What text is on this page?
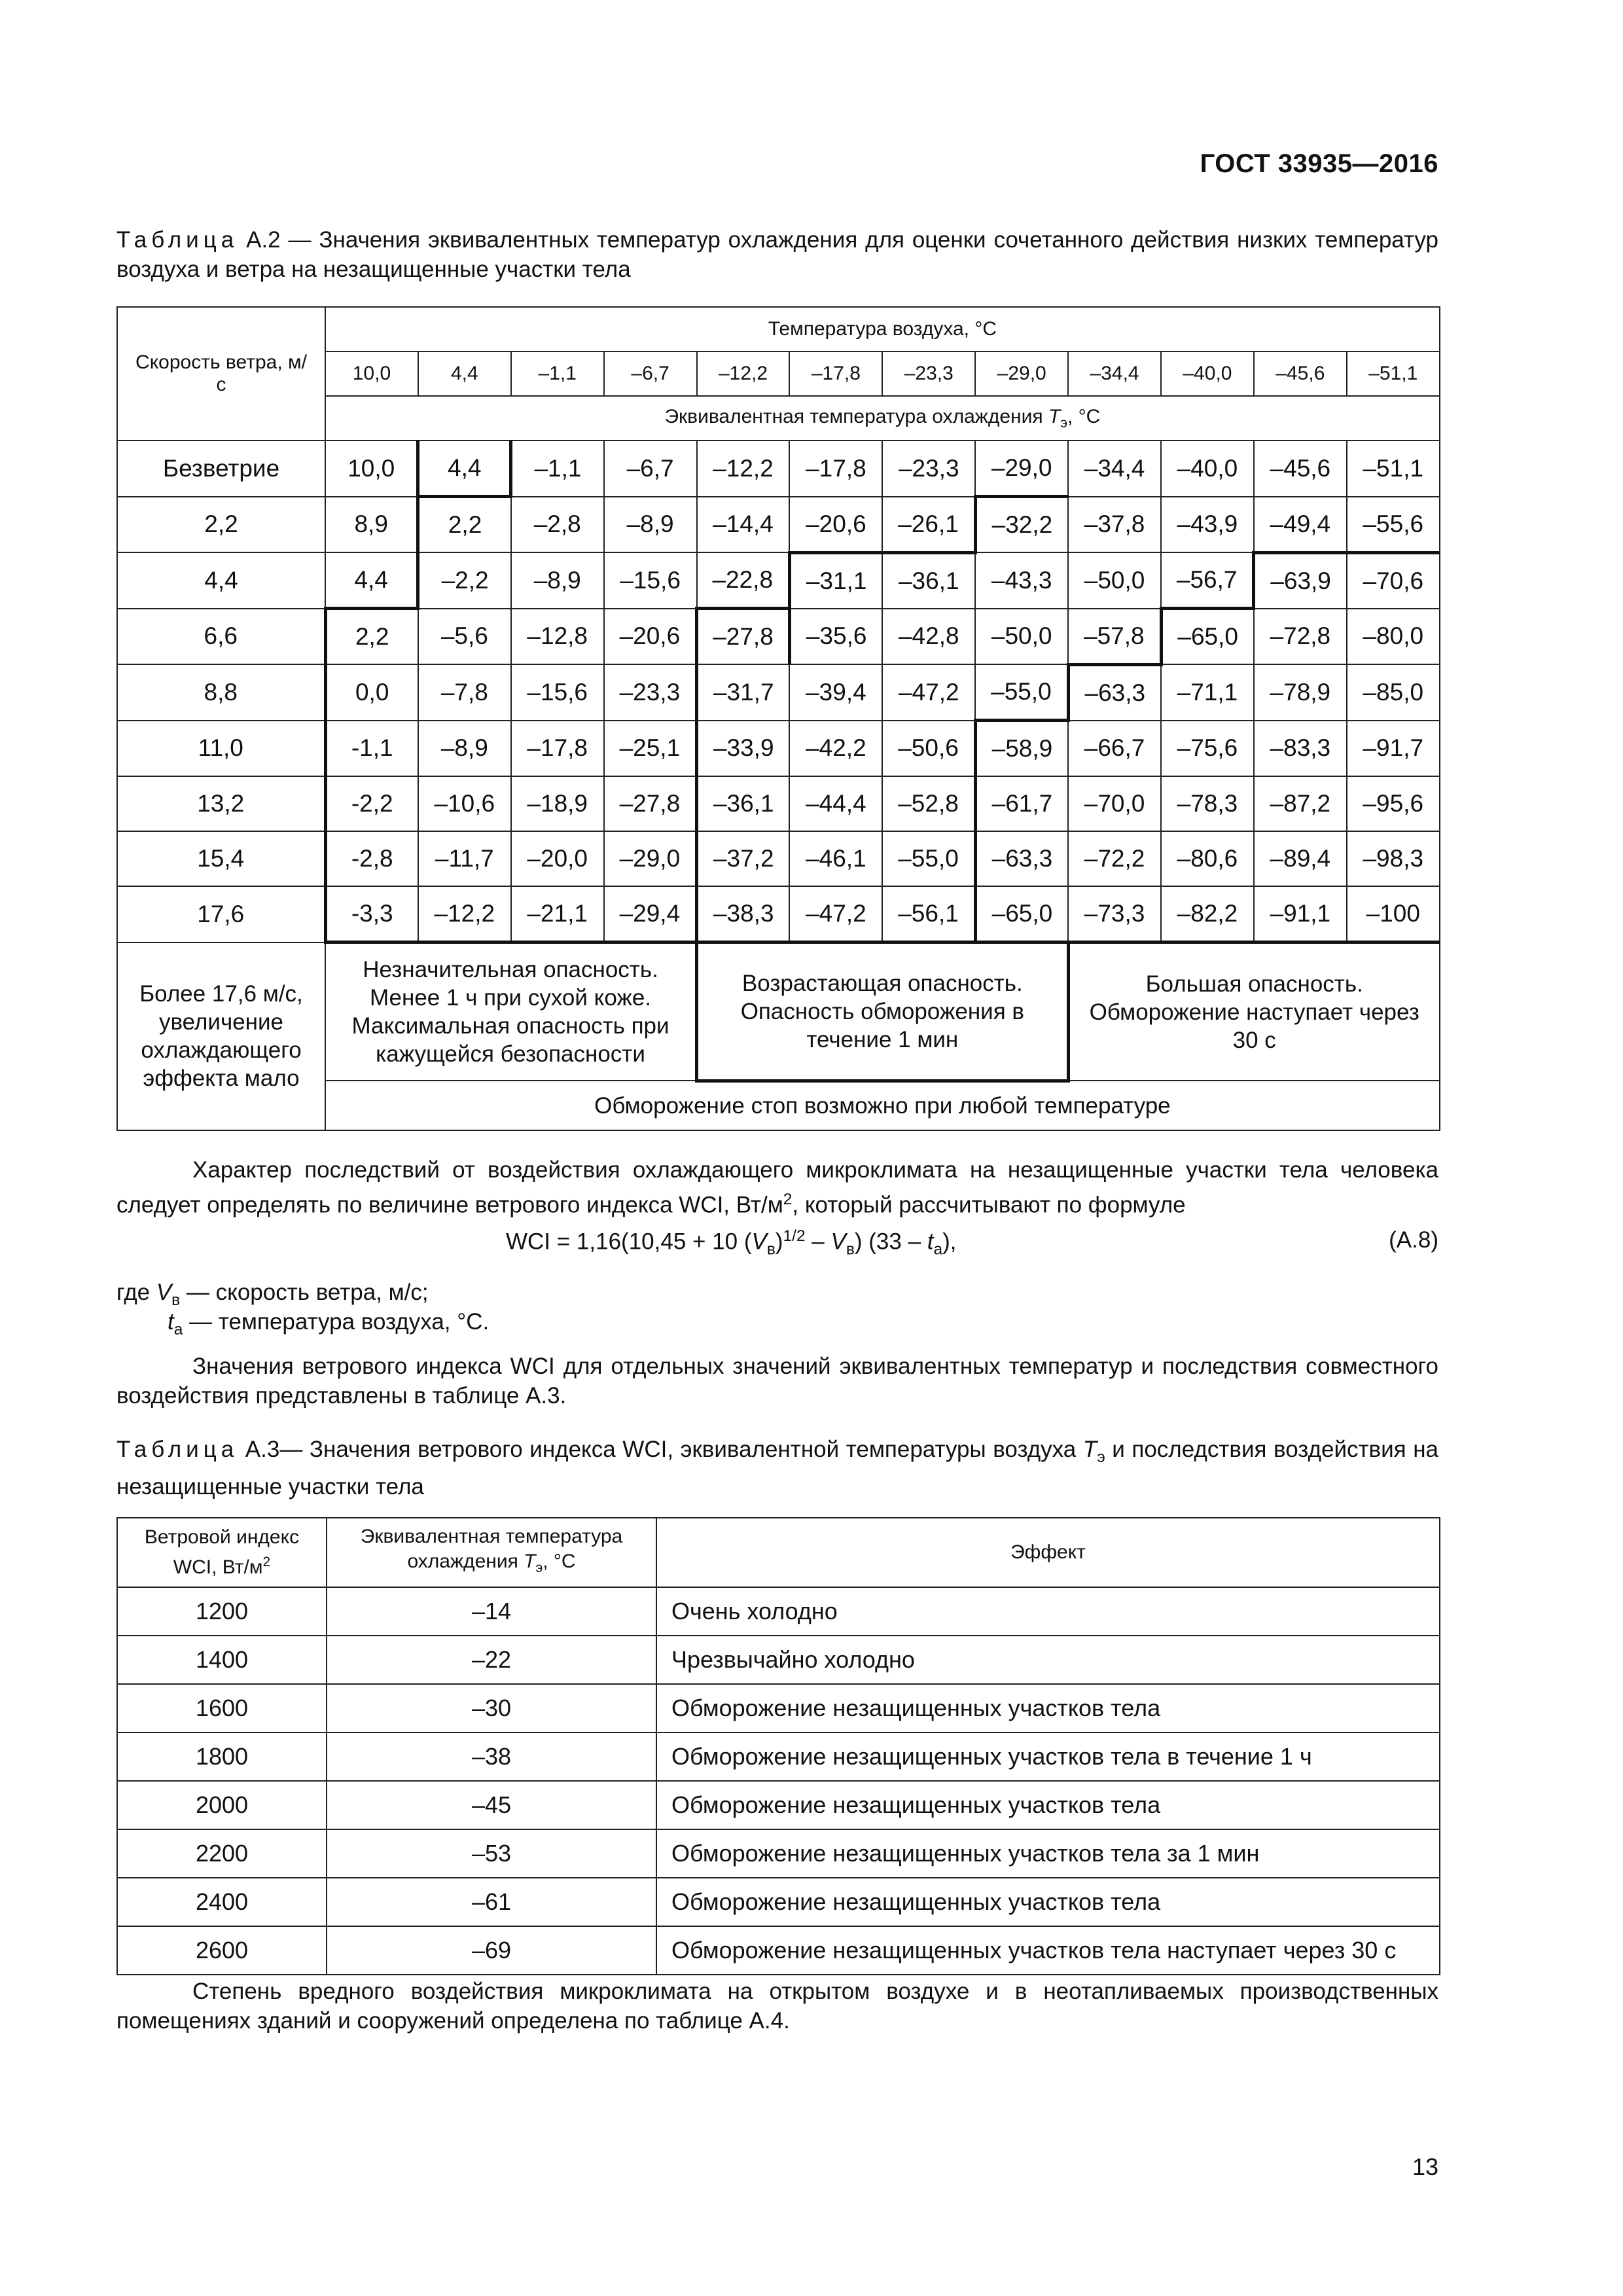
ГОСТ 33935—2016
Таблица А.2 — Значения эквивалентных температур охлаждения для оценки сочетанного действия низких температур воздуха и ветра на незащищенные участки тела
Скорость ветра, м/с	Температура воздуха, °С											
	10,0	4,4	–1,1	–6,7	–12,2	–17,8	–23,3	–29,0	–34,4	–40,0	–45,6	–51,1
	Эквивалентная температура охлаждения $T_э$, °С											
Безветрие	10,0	4,4	–1,1	–6,7	–12,2	–17,8	–23,3	–29,0	–34,4	–40,0	–45,6	–51,1
2,2	8,9	2,2	–2,8	–8,9	–14,4	–20,6	–26,1	–32,2	–37,8	–43,9	–49,4	–55,6
4,4	4,4	–2,2	–8,9	–15,6	–22,8	–31,1	–36,1	–43,3	–50,0	–56,7	–63,9	–70,6
6,6	2,2	–5,6	–12,8	–20,6	–27,8	–35,6	–42,8	–50,0	–57,8	–65,0	–72,8	–80,0
8,8	0,0	–7,8	–15,6	–23,3	–31,7	–39,4	–47,2	–55,0	–63,3	–71,1	–78,9	–85,0
11,0	-1,1	–8,9	–17,8	–25,1	–33,9	–42,2	–50,6	–58,9	–66,7	–75,6	–83,3	–91,7
13,2	-2,2	–10,6	–18,9	–27,8	–36,1	–44,4	–52,8	–61,7	–70,0	–78,3	–87,2	–95,6
15,4	-2,8	–11,7	–20,0	–29,0	–37,2	–46,1	–55,0	–63,3	–72,2	–80,6	–89,4	–98,3
17,6	-3,3	–12,2	–21,1	–29,4	–38,3	–47,2	–56,1	–65,0	–73,3	–82,2	–91,1	–100
Более 17,6 м/с, увеличение охлаждающего эффекта мало	Незначительная опасность. Менее 1 ч при сухой коже. Максимальная опасность при кажущейся безопасности				Возрастающая опасность. Опасность обморожения в течение 1 мин				Большая опасность. Обморожение наступает через 30 с			
	Обморожение стоп возможно при любой температуре											
Характер последствий от воздействия охлаждающего микроклимата на незащищенные участки тела человека следует определять по величине ветрового индекса WCI, $Вт/м^2$, который рассчитывают по формуле
WCI = 1,16(10,45 + 10 $(V_в)^{1/2} - V_в$) $(33 - t_а)$,	(А.8)
где $V_в$ — скорость ветра, м/с;
$t_а$ — температура воздуха, °С.
Значения ветрового индекса WCI для отдельных значений эквивалентных температур и последствия совместного воздействия представлены в таблице А.3.
Таблица А.3— Значения ветрового индекса WCI, эквивалентной температуры воздуха $T_э$ и последствия воздействия на незащищенные участки тела
Ветровой индекс WCI, $Вт/м^2$	Эквивалентная температура охлаждения $T_э$, °С	Эффект
1200	–14	Очень холодно
1400	–22	Чрезвычайно холодно
1600	–30	Обморожение незащищенных участков тела
1800	–38	Обморожение незащищенных участков тела в течение 1 ч
2000	–45	Обморожение незащищенных участков тела
2200	–53	Обморожение незащищенных участков тела за 1 мин
2400	–61	Обморожение незащищенных участков тела
2600	–69	Обморожение незащищенных участков тела наступает через 30 с
Степень вредного воздействия микроклимата на открытом воздухе и в неотапливаемых производственных помещениях зданий и сооружений определена по таблице А.4.
13
